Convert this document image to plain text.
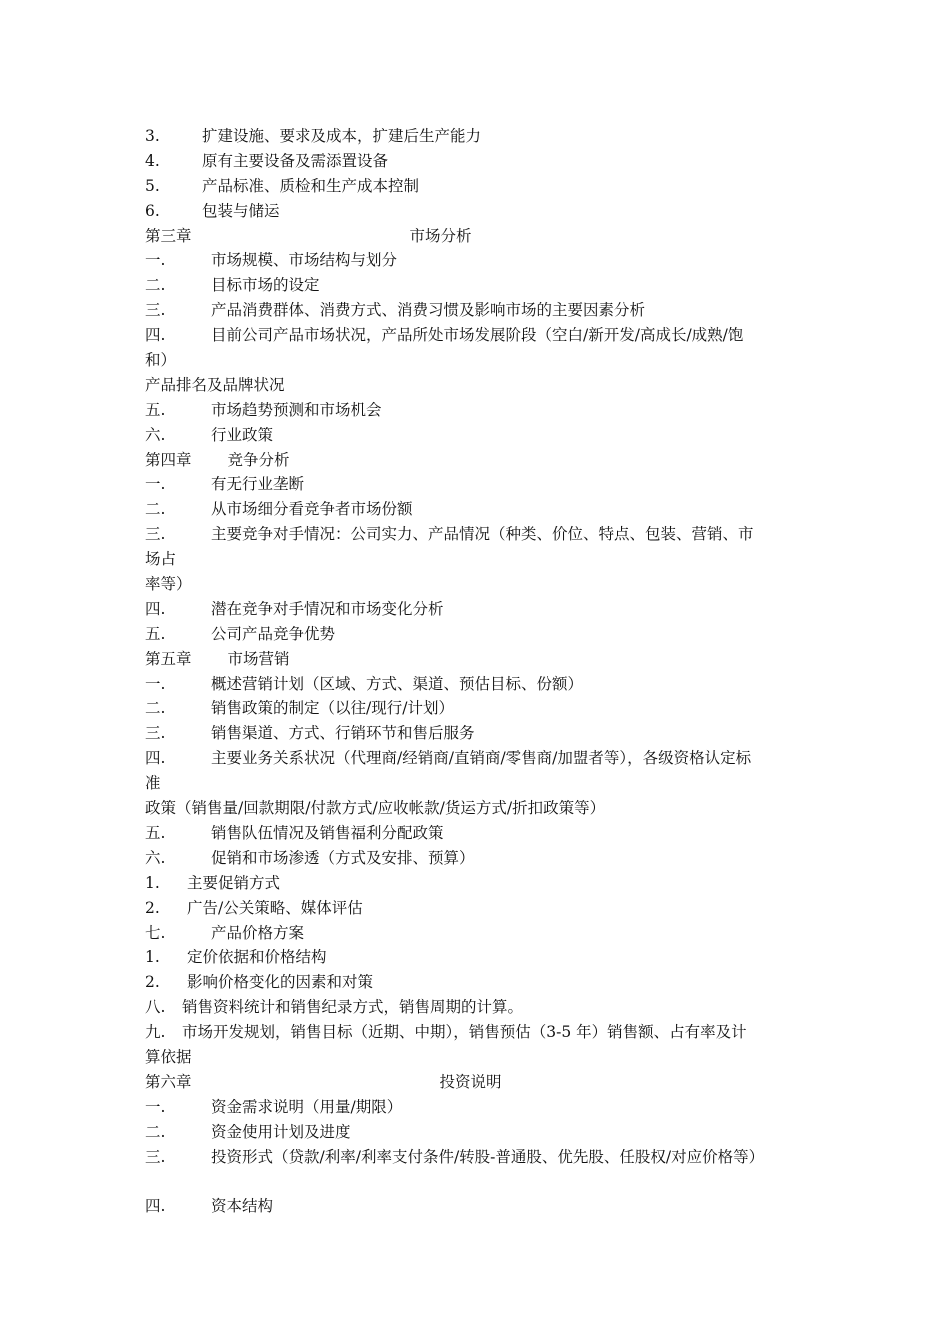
3.	扩建设施、要求及成本，扩建后生产能力
4.	原有主要设备及需添置设备
5.	产品标准、质检和生产成本控制
6.	包装与储运
第三章	市场分析
一.	市场规模、市场结构与划分
二.	目标市场的设定
三.	产品消费群体、消费方式、消费习惯及影响市场的主要因素分析
四.	目前公司产品市场状况，产品所处市场发展阶段（空白/新开发/高成长/成熟/饱
和）
产品排名及品牌状况
五.	市场趋势预测和市场机会
六.	行业政策
第四章 竞争分析
一.	有无行业垄断
二.	从市场细分看竞争者市场份额
三.	主要竞争对手情况：公司实力、产品情况（种类、价位、特点、包装、营销、市
场占
率等）
四.	潜在竞争对手情况和市场变化分析
五.	公司产品竞争优势
第五章 市场营销
一.	概述营销计划（区域、方式、渠道、预估目标、份额）
二.	销售政策的制定（以往/现行/计划）
三.	销售渠道、方式、行销环节和售后服务
四.	主要业务关系状况（代理商/经销商/直销商/零售商/加盟者等），各级资格认定标
准
政策（销售量/回款期限/付款方式/应收帐款/货运方式/折扣政策等）
五.	销售队伍情况及销售福利分配政策
六.	促销和市场渗透（方式及安排、预算）
1. 主要促销方式
2. 广告/公关策略、媒体评估
七.	产品价格方案
1. 定价依据和价格结构
2. 影响价格变化的因素和对策
八. 销售资料统计和销售纪录方式，销售周期的计算。
九. 市场开发规划，销售目标（近期、中期），销售预估（3-5 年）销售额、占有率及计
算依据
第六章	投资说明
一.	资金需求说明（用量/期限）
二.	资金使用计划及进度
三.	投资形式（贷款/利率/利率支付条件/转股-普通股、优先股、任股权/对应价格等）
四.	资本结构
